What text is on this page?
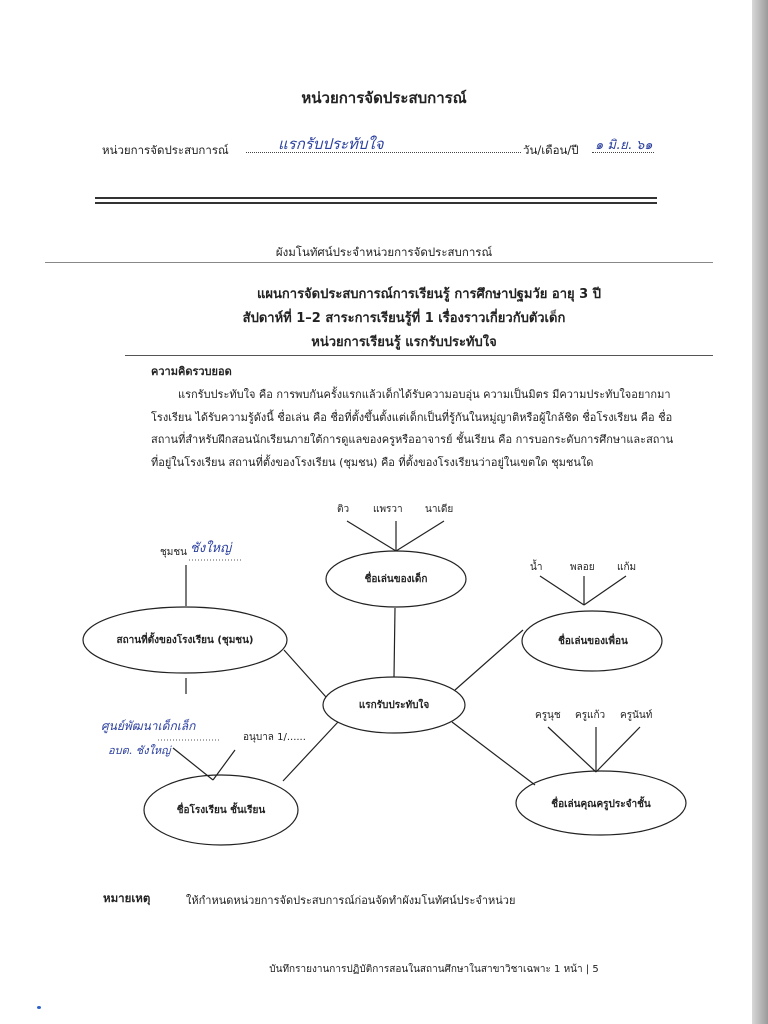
หน่วยการจัดประสบการณ์
หน่วยการจัดประสบการณ์	แรกรับประทับใจ	วัน/เดือน/ปี ๑ มิ.ย. ๖๑
ผังมโนทัศน์ประจำหน่วยการจัดประสบการณ์
แผนการจัดประสบการณ์การเรียนรู้ การศึกษาปฐมวัย อายุ 3 ปี
สัปดาห์ที่ 1–2 สาระการเรียนรู้ที่ 1 เรื่องราวเกี่ยวกับตัวเด็ก
หน่วยการเรียนรู้ แรกรับประทับใจ
ความคิดรวบยอด
แรกรับประทับใจ คือ การพบกันครั้งแรกแล้วเด็กได้รับความอบอุ่น ความเป็นมิตร มีความประทับใจอยากมาโรงเรียน ได้รับความรู้ดังนี้ ชื่อเล่น คือ ชื่อที่ตั้งขึ้นตั้งแต่เด็กเป็นที่รู้กันในหมู่ญาติหรือผู้ใกล้ชิด ชื่อโรงเรียน คือ ชื่อสถานที่สำหรับฝึกสอนนักเรียนภายใต้การดูแลของครูหรืออาจารย์ ชั้นเรียน คือ การบอกระดับการศึกษาและสถานที่อยู่ในโรงเรียน สถานที่ตั้งของโรงเรียน (ชุมชน) คือ ที่ตั้งของโรงเรียนว่าอยู่ในเขตใด ชุมชนใด
ชื่อเล่นของเด็ก
ติว แพรวา นาเดีย
ชื่อเล่นของเพื่อน
น้ำ	พลอย แก้ม
ชื่อเล่นคุณครูประจำชั้น
ครูนุช ครูแก้ว ครูนันท์
แรกรับประทับใจ
สถานที่ตั้งของโรงเรียน (ชุมชน)
ชุมชน ชังใหญ่
ชื่อโรงเรียน ชั้นเรียน
ศูนย์พัฒนาเด็กเล็ก
อบต. ชังใหญ่
อนุบาล 1/......
หมายเหตุ	ให้กำหนดหน่วยการจัดประสบการณ์ก่อนจัดทำผังมโนทัศน์ประจำหน่วย
บันทึกรายงานการปฏิบัติการสอนในสถานศึกษาในสาขาวิชาเฉพาะ 1 หน้า | 5
